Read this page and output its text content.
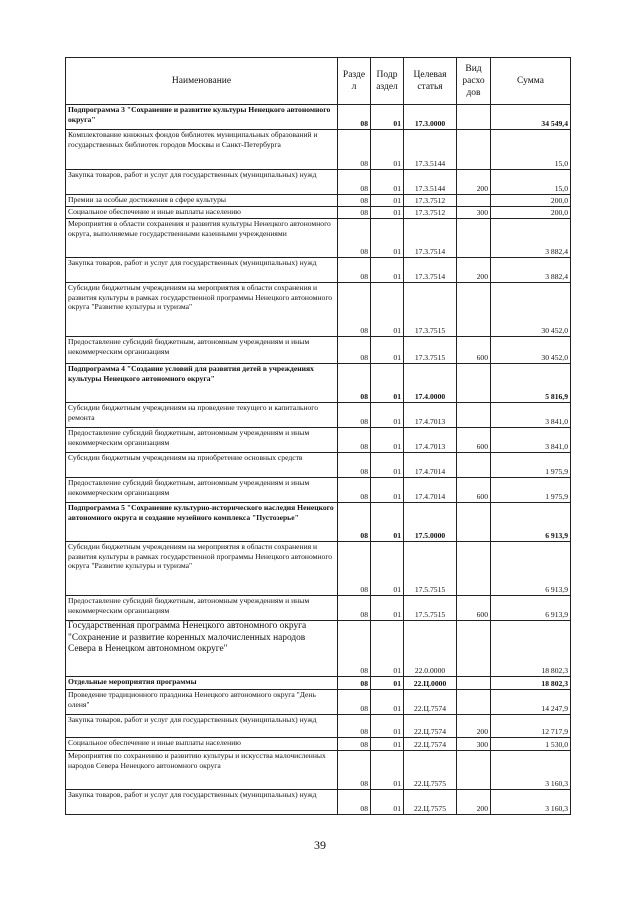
Наименование	Разде л	Подр аздел	Целевая статья	Вид расхо дов	Сумма
Подпрограмма 3 "Сохранение и развитие культуры Ненецкого автономного округа"	08	01	17.3.0000		34 549,4
Комплектование книжных фондов библиотек муниципальных образований и государственных библиотек городов Москвы и Санкт-Петербурга	08	01	17.3.5144		15,0
Закупка товаров, работ и услуг для государственных (муниципальных) нужд	08	01	17.3.5144	200	15,0
Премии за особые достижения в сфере культуры	08	01	17.3.7512		200,0
Социальное обеспечение и иные выплаты населению	08	01	17.3.7512	300	200,0
Мероприятия в области сохранения и развития культуры Ненецкого автономного округа, выполняемые государственными казенными учреждениями	08	01	17.3.7514		3 882,4
Закупка товаров, работ и услуг для государственных (муниципальных) нужд	08	01	17.3.7514	200	3 882,4
Субсидии бюджетным учреждениям на мероприятия в области сохранения и развития культуры в рамках государственной программы Ненецкого автономного округа "Развитие культуры и туризма"	08	01	17.3.7515		30 452,0
Предоставление субсидий бюджетным, автономным учреждениям и иным некоммерческим организациям	08	01	17.3.7515	600	30 452,0
Подпрограмма 4 "Создание условий для развития детей в учреждениях культуры Ненецкого автономного округа"	08	01	17.4.0000		5 816,9
Субсидии бюджетным учреждениям на проведение текущего и капитального ремонта	08	01	17.4.7013		3 841,0
Предоставление субсидий бюджетным, автономным учреждениям и иным некоммерческим организациям	08	01	17.4.7013	600	3 841,0
Субсидии бюджетным учреждениям на приобретение основных средств	08	01	17.4.7014		1 975,9
Предоставление субсидий бюджетным, автономным учреждениям и иным некоммерческим организациям	08	01	17.4.7014	600	1 975,9
Подпрограмма 5 "Сохранение культурно-исторического наследия Ненецкого автономного округа и создание музейного комплекса "Пустозерье"	08	01	17.5.0000		6 913,9
Субсидии бюджетным учреждениям на мероприятия в области сохранения и развития культуры в рамках государственной программы Ненецкого автономного округа "Развитие культуры и туризма"	08	01	17.5.7515		6 913,9
Предоставление субсидий бюджетным, автономным учреждениям и иным некоммерческим организациям	08	01	17.5.7515	600	6 913,9
Государственная программа Ненецкого автономного округа "Сохранение и развитие коренных малочисленных народов Севера в Ненецком автономном округе"	08	01	22.0.0000		18 802,3
Отдельные мероприятия программы	08	01	22.Ц.0000		18 802,3
Проведение традиционного праздника Ненецкого автономного округа "День оленя"	08	01	22.Ц.7574		14 247,9
Закупка товаров, работ и услуг для государственных (муниципальных) нужд	08	01	22.Ц.7574	200	12 717,9
Социальное обеспечение и иные выплаты населению	08	01	22.Ц.7574	300	1 530,0
Мероприятия по сохранению и развитию культуры и искусства малочисленных народов Севера Ненецкого автономного округа	08	01	22.Ц.7575		3 160,3
Закупка товаров, работ и услуг для государственных (муниципальных) нужд	08	01	22.Ц.7575	200	3 160,3
39
